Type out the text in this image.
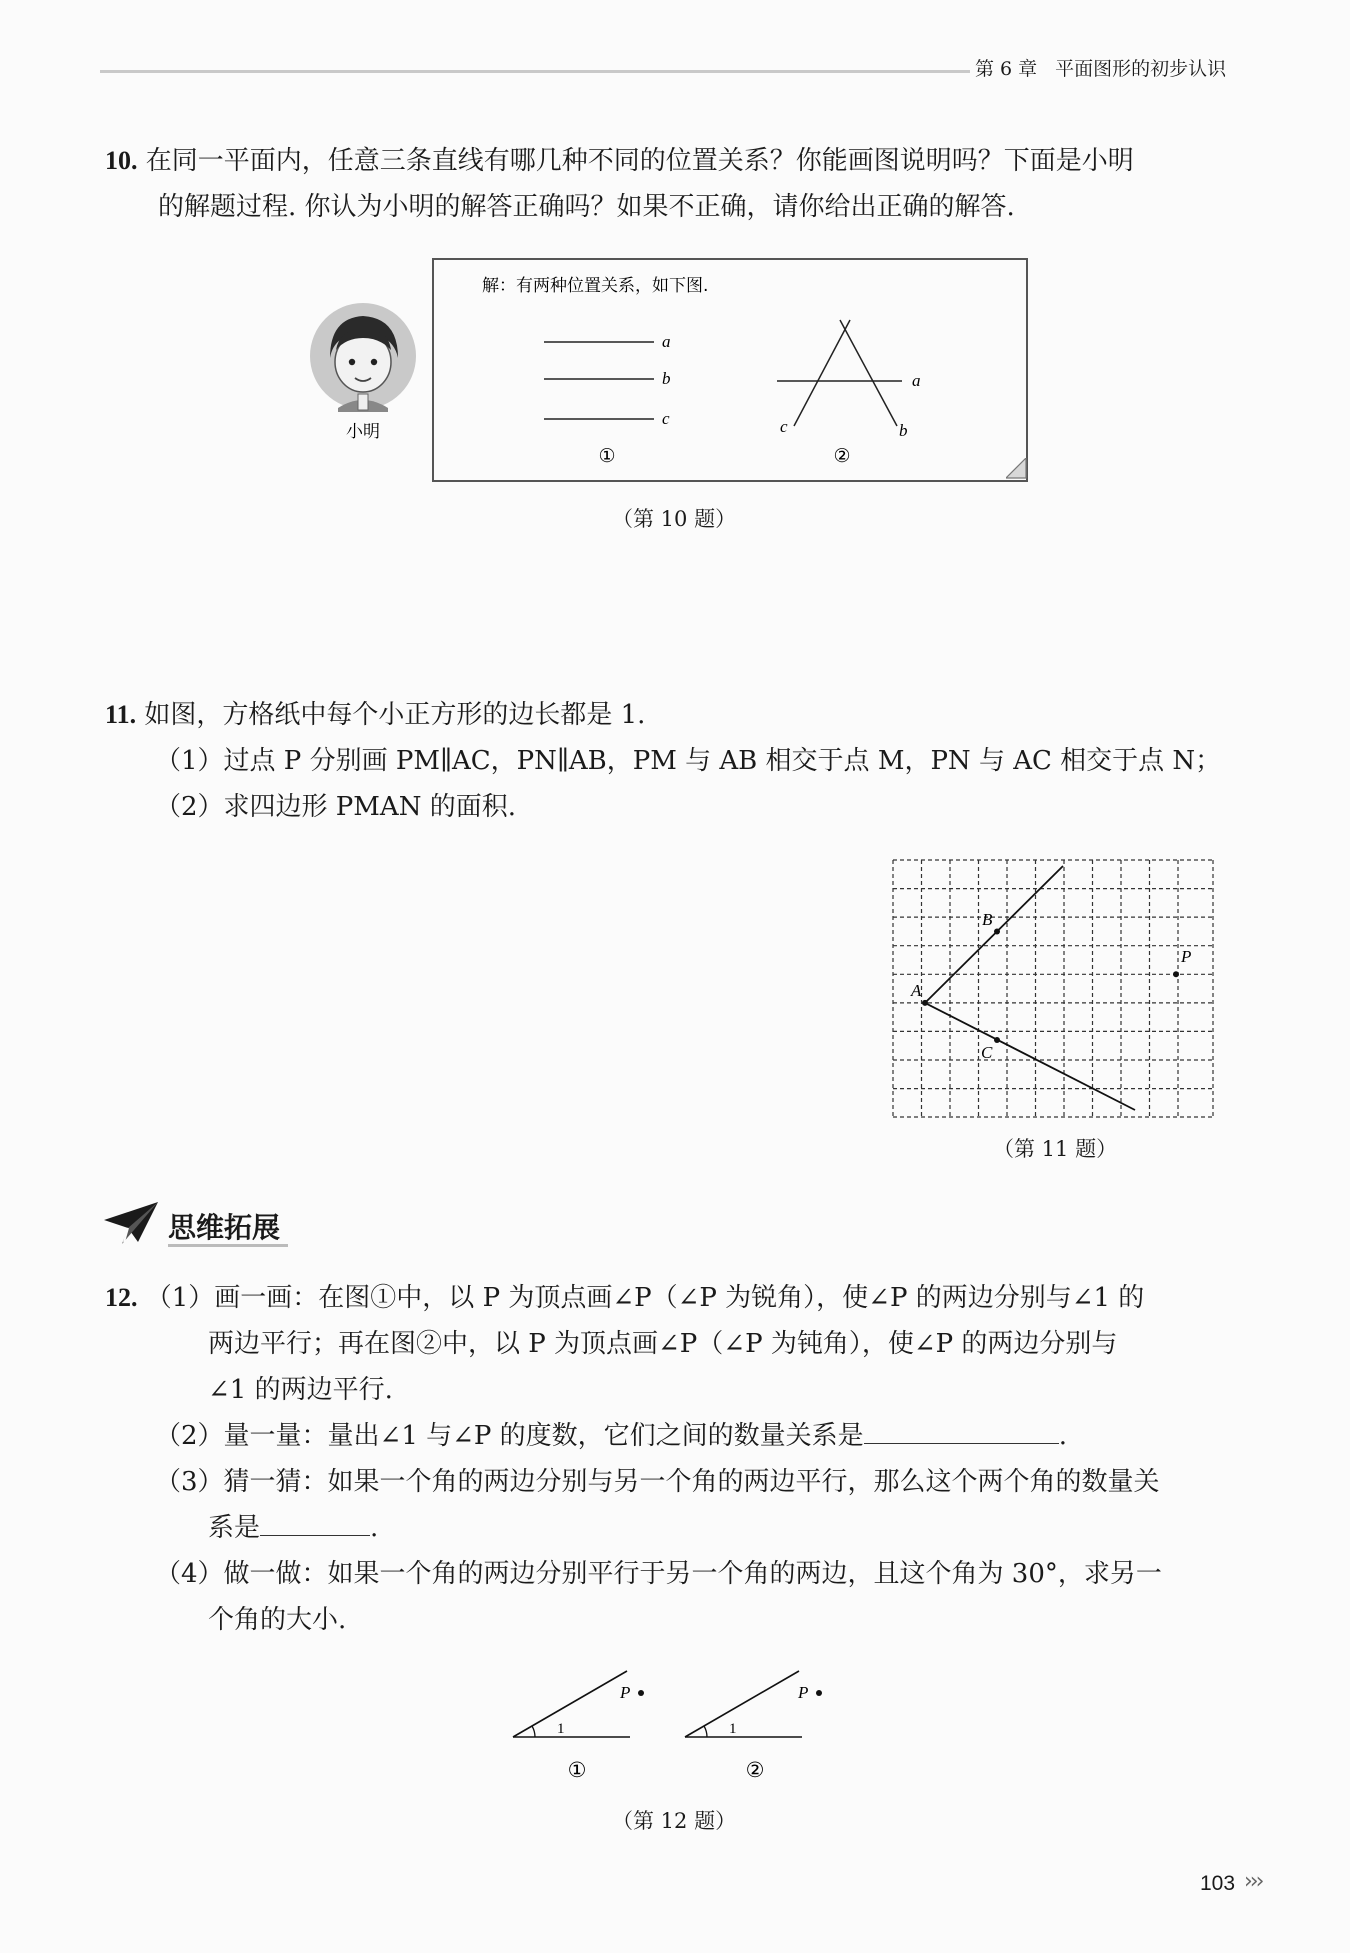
第 6 章 平面图形的初步认识
10. 在同一平面内，任意三条直线有哪几种不同的位置关系？你能画图说明吗？下面是小明
的解题过程. 你认为小明的解答正确吗？如果不正确，请你给出正确的解答.
小明
解：有两种位置关系，如下图.
a
b
c
①
a
b
c
②
（第 10 题）
11. 如图，方格纸中每个小正方形的边长都是 1.
（1）过点 P 分别画 PM∥AC，PN∥AB，PM 与 AB 相交于点 M，PN 与 AC 相交于点 N；
（2）求四边形 PMAN 的面积.
A
B
C
P
（第 11 题）
思维拓展
12. （1）画一画：在图①中，以 P 为顶点画∠P（∠P 为锐角），使∠P 的两边分别与∠1 的
两边平行；再在图②中，以 P 为顶点画∠P（∠P 为钝角），使∠P 的两边分别与
∠1 的两边平行.
（2）量一量：量出∠1 与∠P 的度数，它们之间的数量关系是	.
（3）猜一猜：如果一个角的两边分别与另一个角的两边平行，那么这个两个角的数量关
系是	.
（4）做一做：如果一个角的两边分别平行于另一个角的两边，且这个角为 30°，求另一
个角的大小.
1
P
①
1
P
②
（第 12 题）
103 ›››
